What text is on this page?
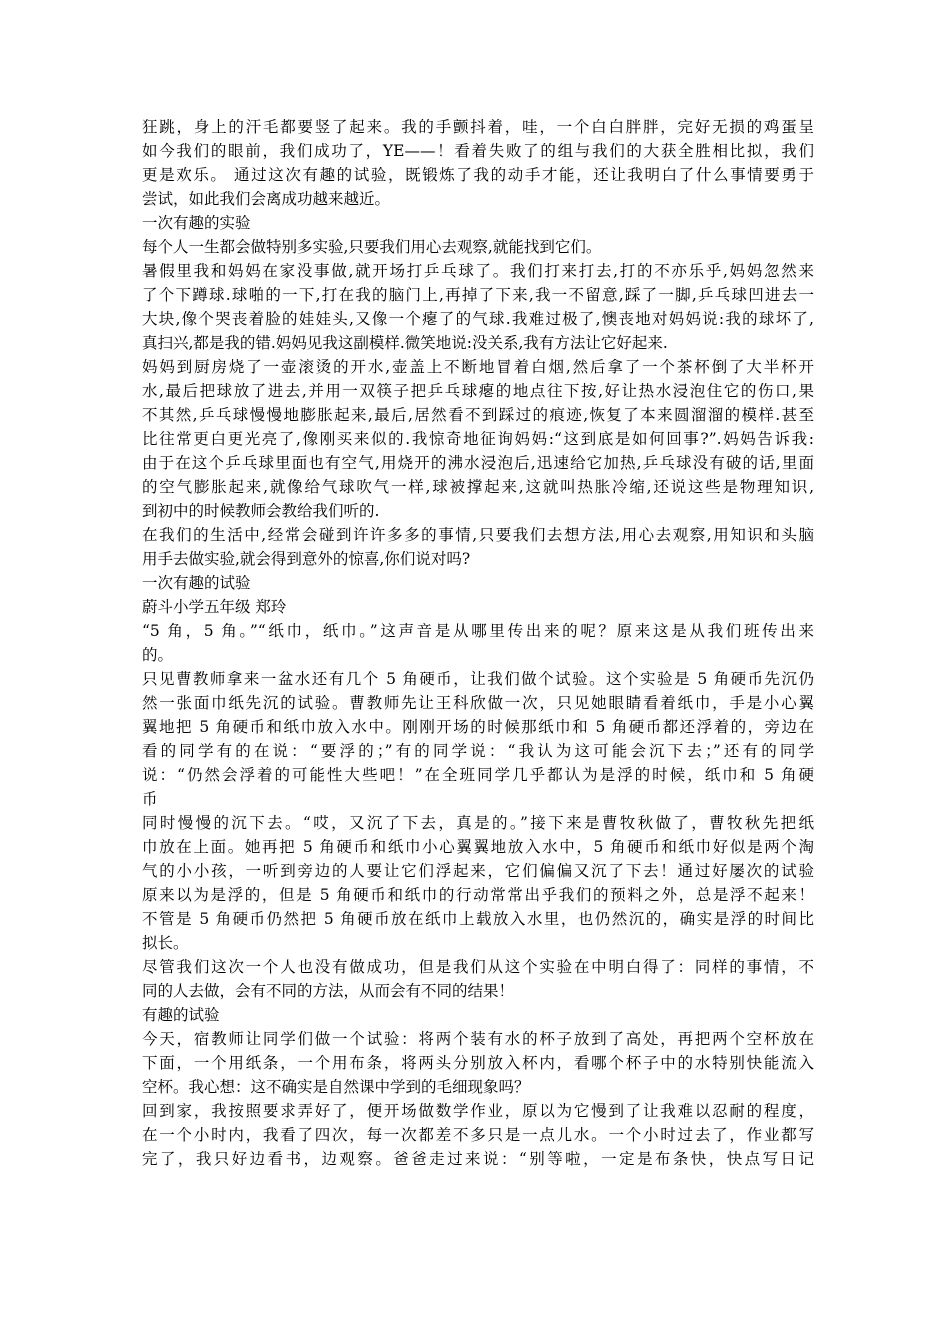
狂跳，身上的汗毛都要竖了起来。我的手颤抖着，哇，一个白白胖胖，完好无损的鸡蛋呈
如今我们的眼前，我们成功了，YE——！看着失败了的组与我们的大获全胜相比拟，我们
更是欢乐。 通过这次有趣的试验，既锻炼了我的动手才能，还让我明白了什么事情要勇于
尝试，如此我们会离成功越来越近。
一次有趣的实验
每个人一生都会做特别多实验,只要我们用心去观察,就能找到它们。
暑假里我和妈妈在家没事做,就开场打乒乓球了。我们打来打去,打的不亦乐乎,妈妈忽然来
了个下蹲球.球啪的一下,打在我的脑门上,再掉了下来,我一不留意,踩了一脚,乒乓球凹进去一
大块,像个哭丧着脸的娃娃头,又像一个瘪了的气球.我难过极了,懊丧地对妈妈说:我的球坏了,
真扫兴,都是我的错.妈妈见我这副模样.微笑地说:没关系,我有方法让它好起来.
妈妈到厨房烧了一壶滚烫的开水,壶盖上不断地冒着白烟,然后拿了一个茶杯倒了大半杯开
水,最后把球放了进去,并用一双筷子把乒乓球瘪的地点往下按,好让热水浸泡住它的伤口,果
不其然,乒乓球慢慢地膨胀起来,最后,居然看不到踩过的痕迹,恢复了本来圆溜溜的模样.甚至
比往常更白更光亮了,像刚买来似的.我惊奇地征询妈妈:“这到底是如何回事?”.妈妈告诉我:
由于在这个乒乓球里面也有空气,用烧开的沸水浸泡后,迅速给它加热,乒乓球没有破的话,里面
的空气膨胀起来,就像给气球吹气一样,球被撑起来,这就叫热胀冷缩,还说这些是物理知识,
到初中的时候教师会教给我们听的.
在我们的生活中,经常会碰到许许多多的事情,只要我们去想方法,用心去观察,用知识和头脑
用手去做实验,就会得到意外的惊喜,你们说对吗?
一次有趣的试验
蔚斗小学五年级 郑玲
“5 角，5 角。”“纸巾，纸巾。”这声音是从哪里传出来的呢？原来这是从我们班传出来
的。
只见曹教师拿来一盆水还有几个 5 角硬币，让我们做个试验。这个实验是 5 角硬币先沉仍
然一张面巾纸先沉的试验。曹教师先让王科欣做一次，只见她眼睛看着纸巾，手是小心翼
翼地把 5 角硬币和纸巾放入水中。刚刚开场的时候那纸巾和 5 角硬币都还浮着的，旁边在
看的同学有的在说：“要浮的；”有的同学说：“我认为这可能会沉下去；”还有的同学
说：“仍然会浮着的可能性大些吧！”在全班同学几乎都认为是浮的时候，纸巾和 5 角硬
币
同时慢慢的沉下去。“哎，又沉了下去，真是的。”接下来是曹牧秋做了，曹牧秋先把纸
巾放在上面。她再把 5 角硬币和纸巾小心翼翼地放入水中，5 角硬币和纸巾好似是两个淘
气的小小孩，一听到旁边的人要让它们浮起来，它们偏偏又沉了下去！通过好屡次的试验
原来以为是浮的，但是 5 角硬币和纸巾的行动常常出乎我们的预料之外，总是浮不起来！
不管是 5 角硬币仍然把 5 角硬币放在纸巾上载放入水里，也仍然沉的，确实是浮的时间比
拟长。
尽管我们这次一个人也没有做成功，但是我们从这个实验在中明白得了：同样的事情，不
同的人去做，会有不同的方法，从而会有不同的结果！
有趣的试验
今天，宿教师让同学们做一个试验：将两个装有水的杯子放到了高处，再把两个空杯放在
下面，一个用纸条，一个用布条，将两头分别放入杯内，看哪个杯子中的水特别快能流入
空杯。我心想：这不确实是自然课中学到的毛细现象吗？
回到家，我按照要求弄好了，便开场做数学作业，原以为它慢到了让我难以忍耐的程度，
在一个小时内，我看了四次，每一次都差不多只是一点儿水。一个小时过去了，作业都写
完了，我只好边看书，边观察。爸爸走过来说：“别等啦，一定是布条快，快点写日记
